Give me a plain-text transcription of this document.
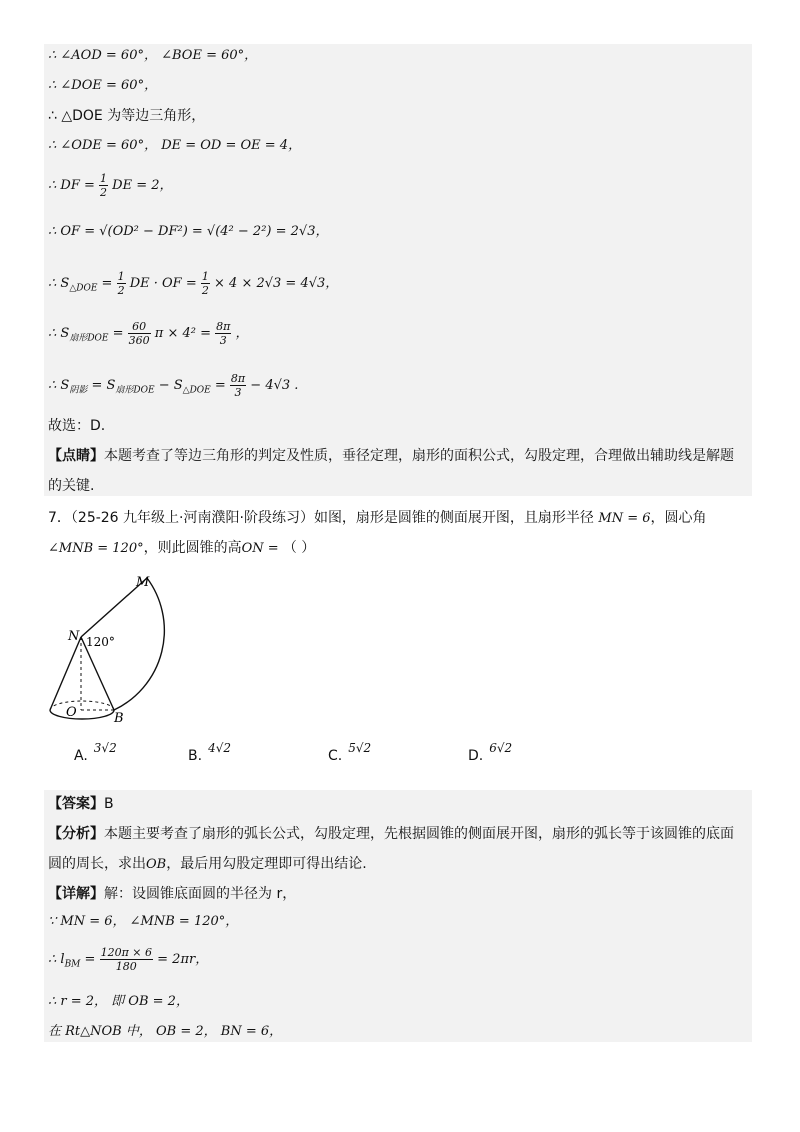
∴ ∠AOD = 60°， ∠BOE = 60°，
∴ ∠DOE = 60°，
∴ △DOE 为等边三角形，
∴ ∠ODE = 60°， DE = OD = OE = 4，
∴ DF = $\frac{1}{2}$ DE = 2，
∴ OF = √(OD² − DF²) = √(4² − 2²) = 2√3，
∴ $S_{\triangle DOE} = \frac{1}{2}$ DE · OF = $\frac{1}{2} \times 4 \times 2√3 = 4√3$，
∴ $S_{扇形DOE} = \frac{60}{360}$ $\pi \times 4^2 = \frac{8\pi}{3}$ ，
∴ $S_{阴影} = S_{扇形DOE} - S_{\triangle DOE} = \frac{8\pi}{3} - 4√3$ .
故选：D.
【点睛】本题考查了等边三角形的判定及性质，垂径定理，扇形的面积公式，勾股定理，合理做出辅助线是解题
的关键.
7．（25-26 九年级上·河南濮阳·阶段练习）如图，扇形是圆锥的侧面展开图，且扇形半径 MN = 6，圆心角
∠MNB = 120°，则此圆锥的高ON = （ ）
M
N 120°
O	B
A. 3√2	B. 4√2	C. 5√2	D. 6√2
【答案】B
【分析】本题主要考查了扇形的弧长公式，勾股定理，先根据圆锥的侧面展开图，扇形的弧长等于该圆锥的底面
圆的周长，求出OB，最后用勾股定理即可得出结论.
【详解】解：设圆锥底面圆的半径为 r，
∵ MN = 6， ∠MNB = 120°，
∴ $l_{BM} = \frac{120\pi \times 6}{180} = 2\pi r$，
∴ r = 2， 即 OB = 2，
在 Rt△NOB 中， OB = 2， BN = 6，
